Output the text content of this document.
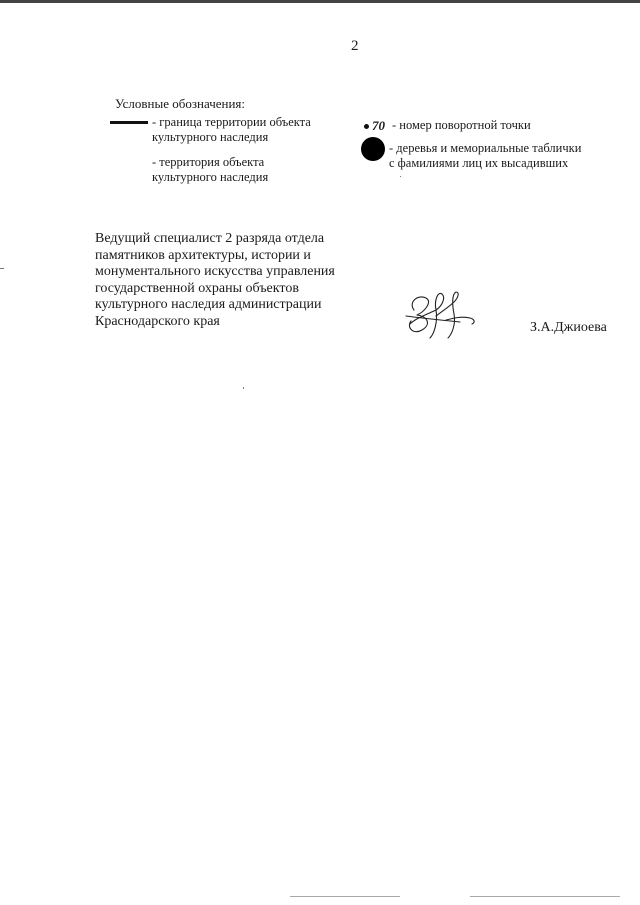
2
Условные обозначения:
- граница территории объекта
культурного наследия
- территория объекта
культурного наследия
70 - номер поворотной точки
- деревья и мемориальные таблички
с фамилиями лиц их высадивших
Ведущий специалист 2 разряда отдела
памятников архитектуры, истории и
монументального искусства управления
государственной охраны объектов
культурного наследия администрации
Краснодарского края	З.А.Джиоева
